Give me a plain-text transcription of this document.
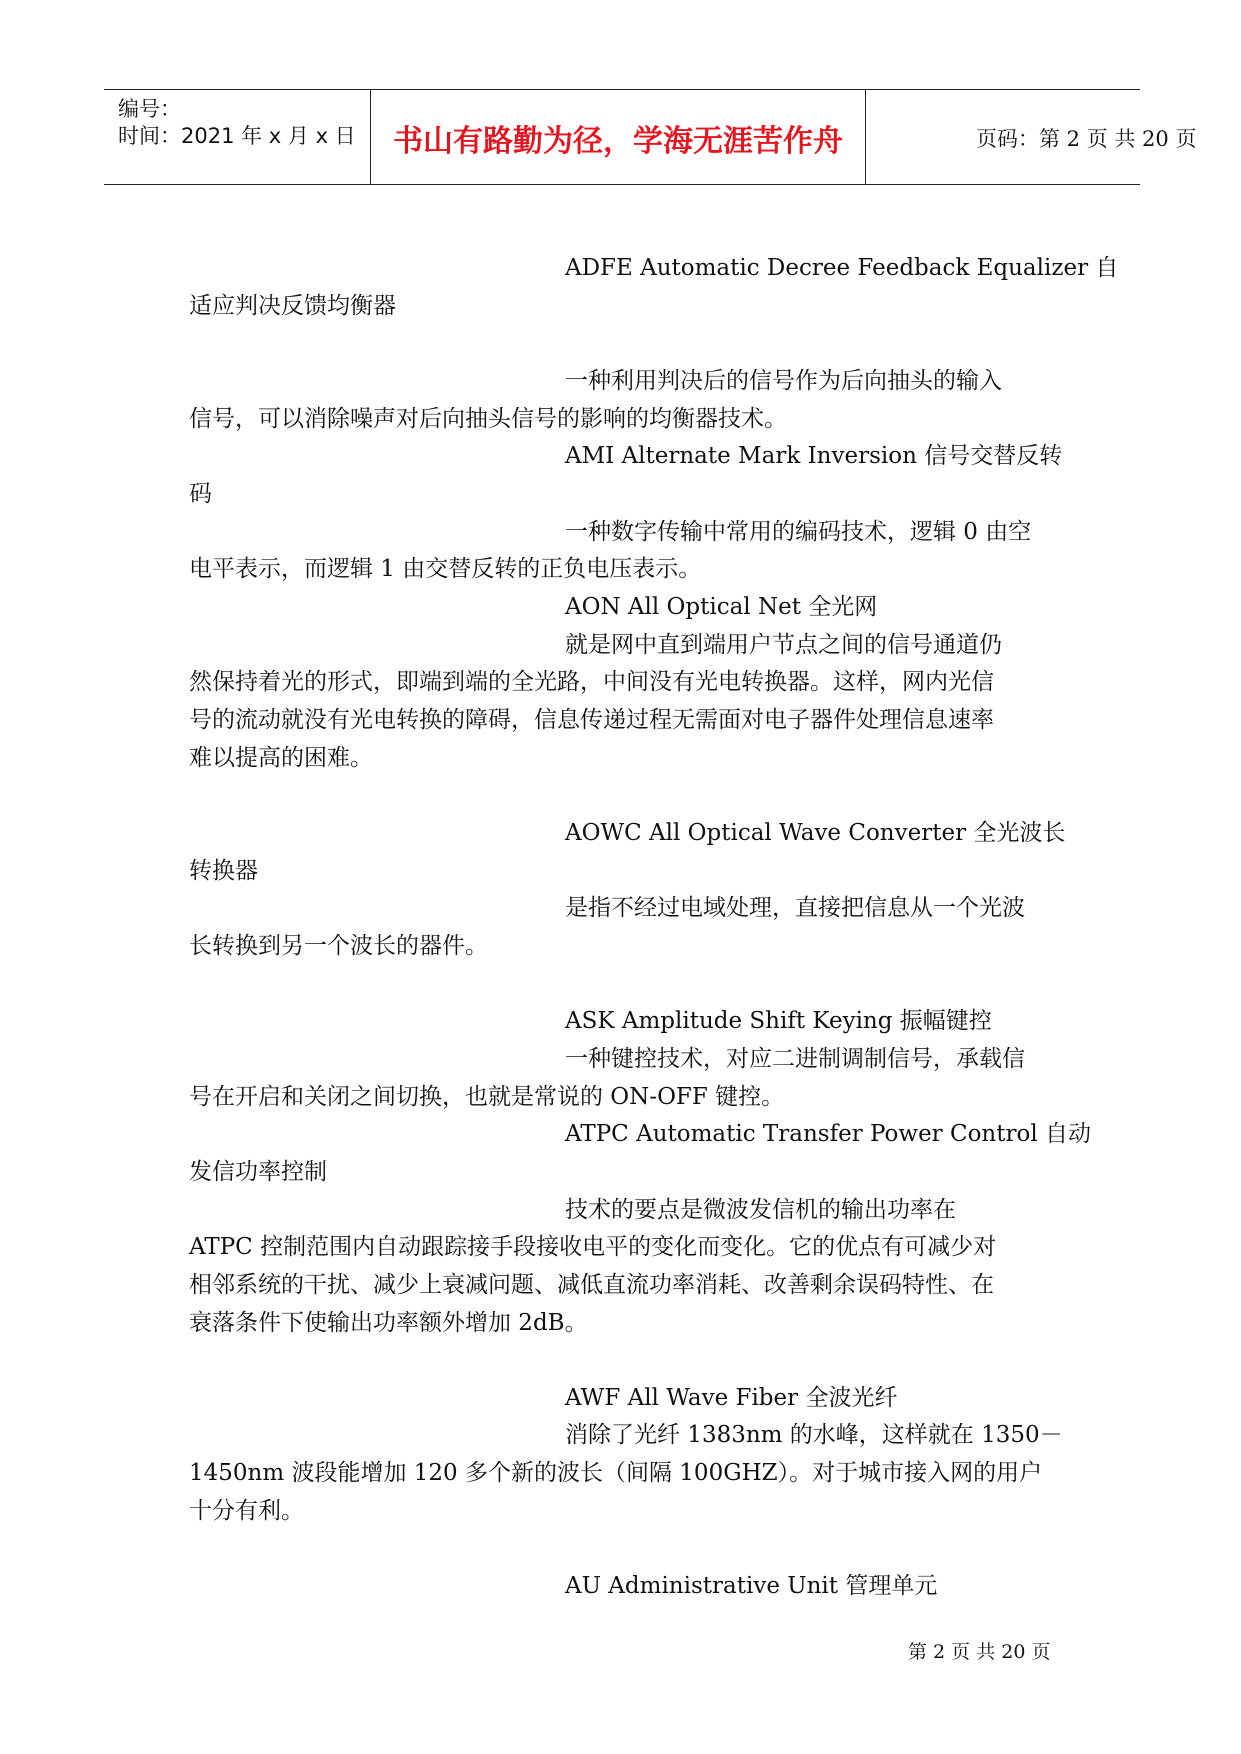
编号：
时间：2021 年 x 月 x 日	书山有路勤为径，学海无涯苦作舟	页码：第 2 页 共 20 页
ADFE Automatic Decree Feedback Equalizer 自
适应判决反馈均衡器
一种利用判决后的信号作为后向抽头的输入
信号，可以消除噪声对后向抽头信号的影响的均衡器技术。
AMI Alternate Mark Inversion 信号交替反转
码
一种数字传输中常用的编码技术，逻辑 0 由空
电平表示，而逻辑 1 由交替反转的正负电压表示。
AON All Optical Net 全光网
就是网中直到端用户节点之间的信号通道仍
然保持着光的形式，即端到端的全光路，中间没有光电转换器。这样，网内光信
号的流动就没有光电转换的障碍，信息传递过程无需面对电子器件处理信息速率
难以提高的困难。
AOWC All Optical Wave Converter 全光波长
转换器
是指不经过电域处理，直接把信息从一个光波
长转换到另一个波长的器件。
ASK Amplitude Shift Keying 振幅键控
一种键控技术，对应二进制调制信号，承载信
号在开启和关闭之间切换，也就是常说的 ON-OFF 键控。
ATPC Automatic Transfer Power Control 自动
发信功率控制
技术的要点是微波发信机的输出功率在
ATPC 控制范围内自动跟踪接手段接收电平的变化而变化。它的优点有可减少对
相邻系统的干扰、减少上衰减问题、减低直流功率消耗、改善剩余误码特性、在
衰落条件下使输出功率额外增加 2dB。
AWF All Wave Fiber 全波光纤
消除了光纤 1383nm 的水峰，这样就在 1350－
1450nm 波段能增加 120 多个新的波长（间隔 100GHZ）。对于城市接入网的用户
十分有利。
AU Administrative Unit 管理单元
第 2 页 共 20 页
